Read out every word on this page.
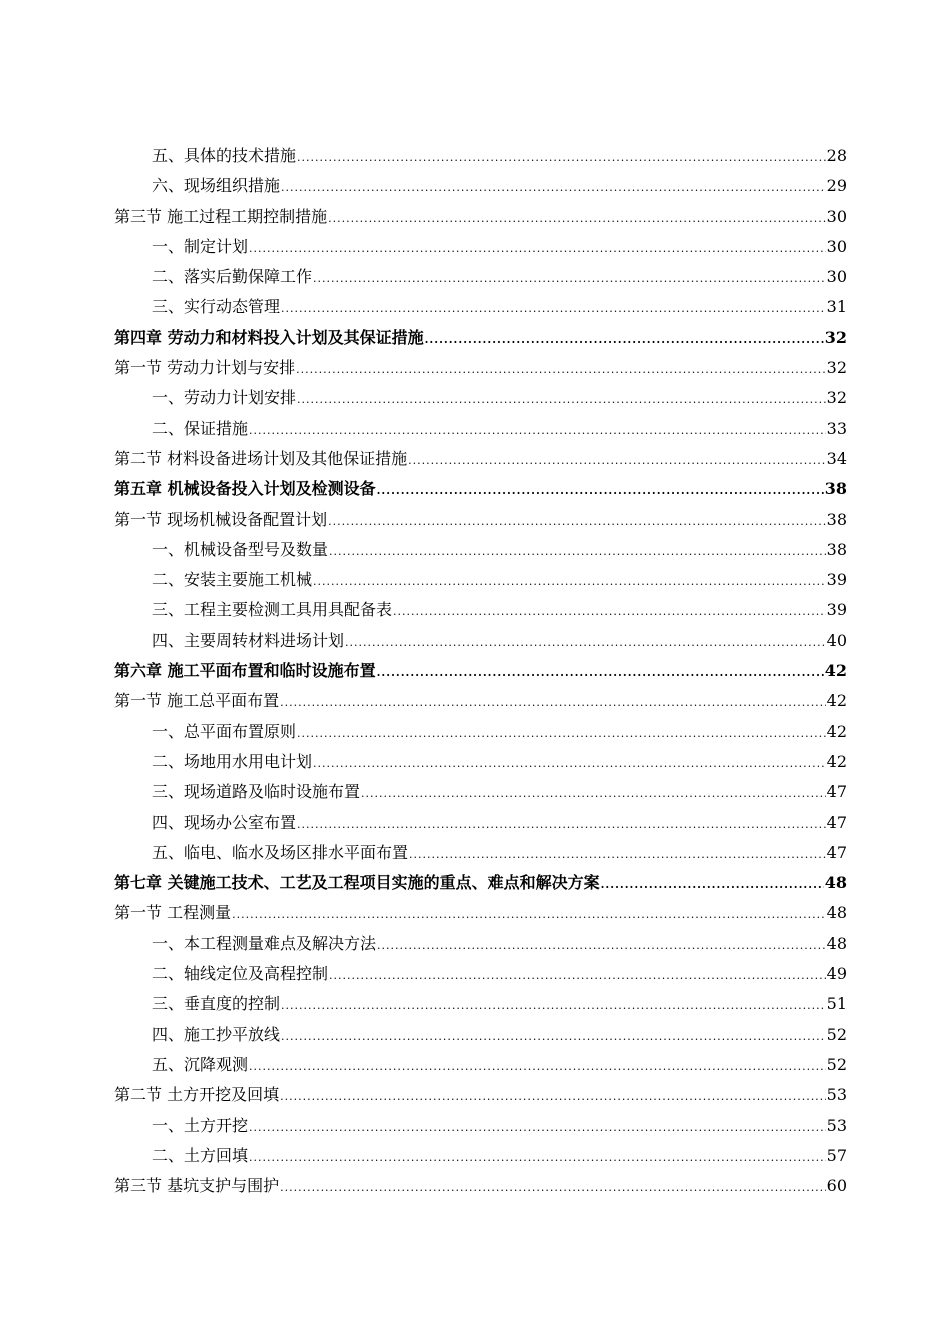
五、具体的技术措施 .....	28
六、现场组织措施 .....	29
第三节 施工过程工期控制措施 .....	30
一、制定计划 .....	30
二、落实后勤保障工作 .....	30
三、实行动态管理 .....	31
第四章 劳动力和材料投入计划及其保证措施 .....	32
第一节 劳动力计划与安排 .....	32
一、劳动力计划安排 .....	32
二、保证措施 .....	33
第二节 材料设备进场计划及其他保证措施 .....	34
第五章 机械设备投入计划及检测设备 .....	38
第一节 现场机械设备配置计划 .....	38
一、机械设备型号及数量 .....	38
二、安装主要施工机械 .....	39
三、工程主要检测工具用具配备表 .....	39
四、主要周转材料进场计划 .....	40
第六章 施工平面布置和临时设施布置 .....	42
第一节 施工总平面布置 .....	42
一、总平面布置原则 .....	42
二、场地用水用电计划 .....	42
三、现场道路及临时设施布置 .....	47
四、现场办公室布置 .....	47
五、临电、临水及场区排水平面布置 .....	47
第七章 关键施工技术、工艺及工程项目实施的重点、难点和解决方案 .....	48
第一节 工程测量 .....	48
一、本工程测量难点及解决方法 .....	48
二、轴线定位及高程控制 .....	49
三、垂直度的控制 .....	51
四、施工抄平放线 .....	52
五、沉降观测 .....	52
第二节 土方开挖及回填 .....	53
一、土方开挖 .....	53
二、土方回填 .....	57
第三节 基坑支护与围护 .....	60
